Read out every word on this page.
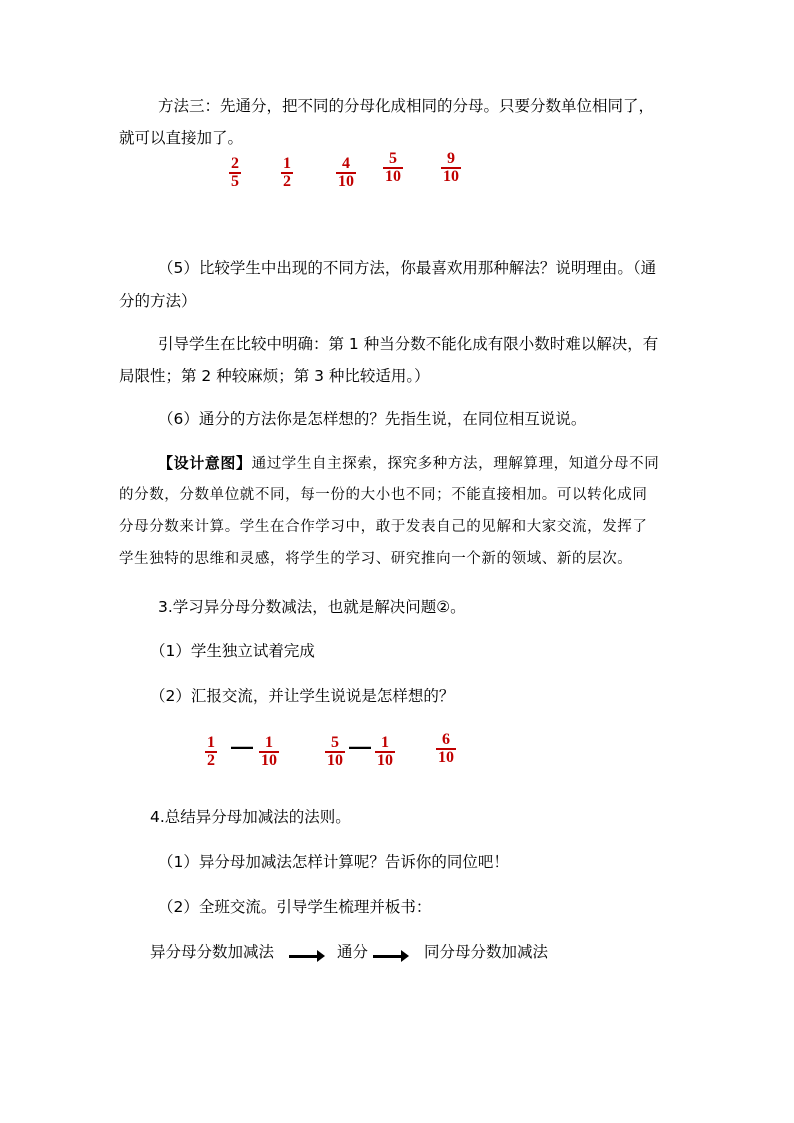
方法三：先通分，把不同的分母化成相同的分母。只要分数单位相同了，
就可以直接加了。
2
5
1
2
4
10
5
10
9
10
（5）比较学生中出现的不同方法，你最喜欢用那种解法？说明理由。（通
分的方法）
引导学生在比较中明确：第 1 种当分数不能化成有限小数时难以解决，有
局限性；第 2 种较麻烦；第 3 种比较适用。）
（6）通分的方法你是怎样想的？先指生说，在同位相互说说。
【设计意图】通过学生自主探索，探究多种方法，理解算理，知道分母不同
的分数，分数单位就不同，每一份的大小也不同；不能直接相加。可以转化成同
分母分数来计算。学生在合作学习中，敢于发表自己的见解和大家交流，发挥了
学生独特的思维和灵感，将学生的学习、研究推向一个新的领域、新的层次。
3.学习异分母分数减法，也就是解决问题②。
（1）学生独立试着完成
（2）汇报交流，并让学生说说是怎样想的？
1
2
— 1
10
5
10
— 1
10
6
10
4.总结异分母加减法的法则。
（1）异分母加减法怎样计算呢？告诉你的同位吧！
（2）全班交流。引导学生梳理并板书：
异分母分数加减法	通分	同分母分数加减法
